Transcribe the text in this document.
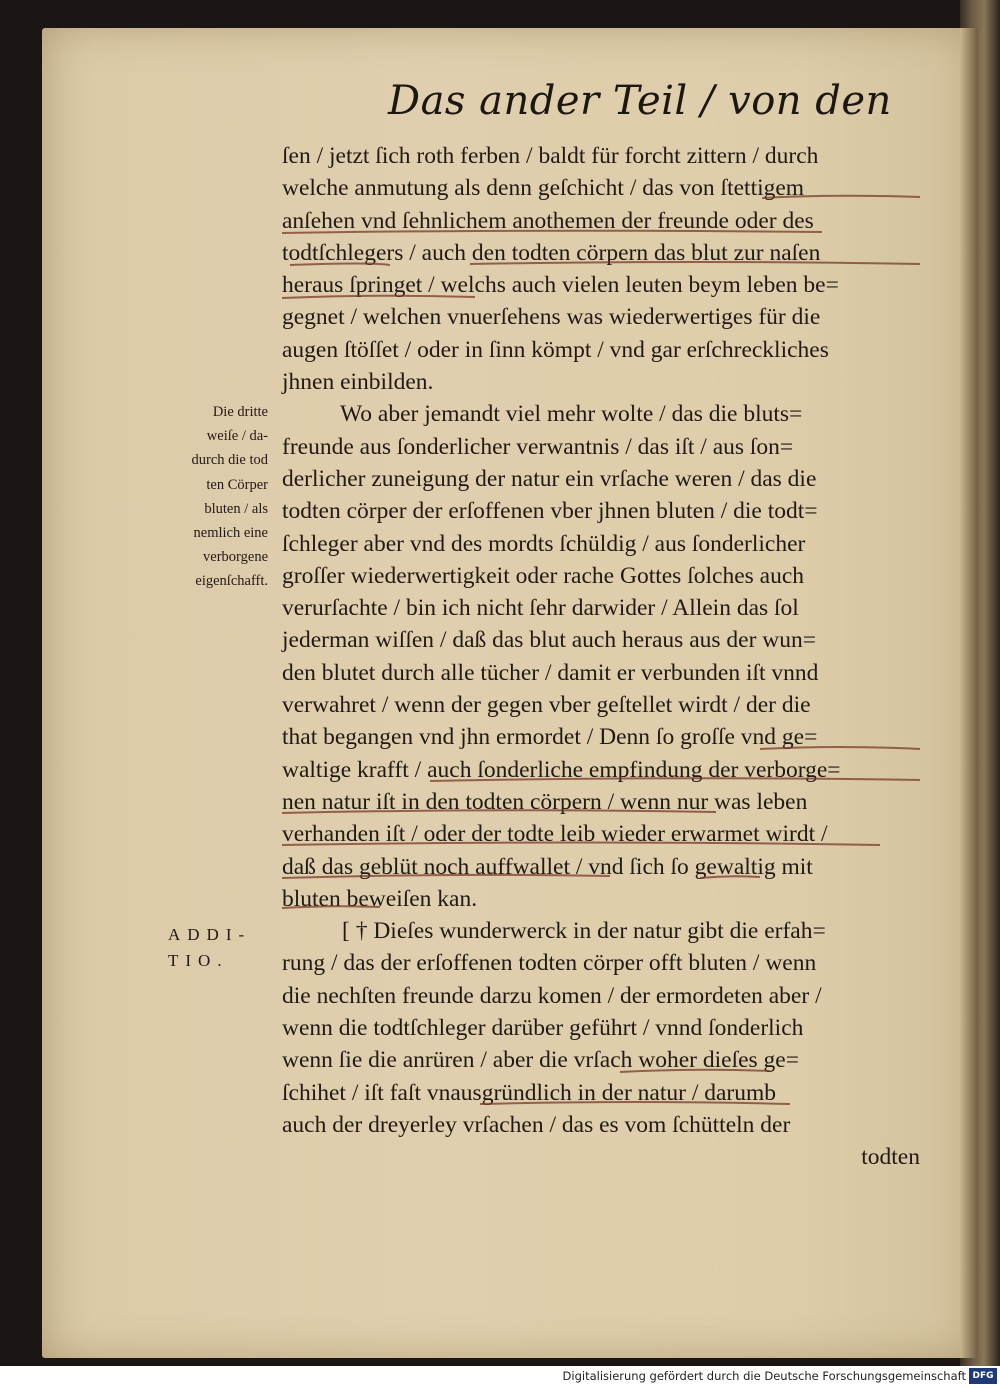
Das ander Teil / von den
Die dritte
weiſe / da-
durch die tod
ten Cörper
bluten / als
nemlich eine
verborgene
eigenſchafft.
ADDI-
TIO.
ſen / jetzt ſich roth ferben / baldt für forcht zittern / durch
welche anmutung als denn geſchicht / das von ſtettigem
anſehen vnd ſehnlichem anothemen der freunde oder des
todtſchlegers / auch den todten cörpern das blut zur naſen
heraus ſpringet / welchs auch vielen leuten beym leben be=
gegnet / welchen vnuerſehens was wiederwertiges für die
augen ſtöſſet / oder in ſinn kömpt / vnd gar erſchreckliches
jhnen einbilden.
Wo aber jemandt viel mehr wolte / das die bluts=
freunde aus ſonderlicher verwantnis / das iſt / aus ſon=
derlicher zuneigung der natur ein vrſache weren / das die
todten cörper der erſoffenen vber jhnen bluten / die todt=
ſchleger aber vnd des mordts ſchüldig / aus ſonderlicher
groſſer wiederwertigkeit oder rache Gottes ſolches auch
verurſachte / bin ich nicht ſehr darwider / Allein das ſol
jederman wiſſen / daß das blut auch heraus aus der wun=
den blutet durch alle tücher / damit er verbunden iſt vnnd
verwahret / wenn der gegen vber geſtellet wirdt / der die
that begangen vnd jhn ermordet / Denn ſo groſſe vnd ge=
waltige krafft / auch ſonderliche empfindung der verborge=
nen natur iſt in den todten cörpern / wenn nur was leben
verhanden iſt / oder der todte leib wieder erwarmet wirdt /
daß das geblüt noch auffwallet / vnd ſich ſo gewaltig mit
bluten beweiſen kan.
[ † Dieſes wunderwerck in der natur gibt die erfah=
rung / das der erſoffenen todten cörper offt bluten / wenn
die nechſten freunde darzu komen / der ermordeten aber /
wenn die todtſchleger darüber geführt / vnnd ſonderlich
wenn ſie die anrüren / aber die vrſach woher dieſes ge=
ſchihet / iſt faſt vnausgründlich in der natur / darumb
auch der dreyerley vrſachen / das es vom ſchütteln der
todten
Digitalisierung gefördert durch die Deutsche Forschungsgemeinschaft DFG
